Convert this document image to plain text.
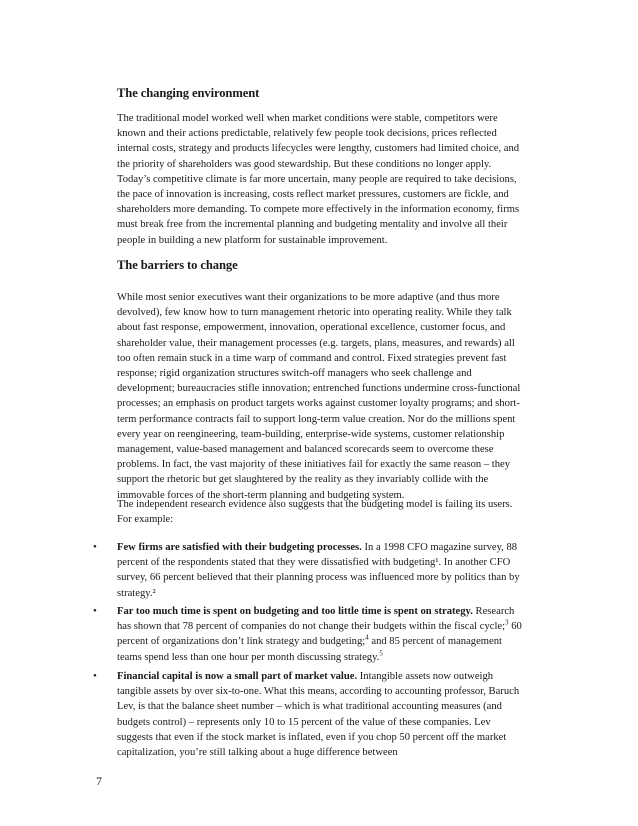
The changing environment

The traditional model worked well when market conditions were stable, competitors were known and their actions predictable, relatively few people took decisions, prices reflected internal costs, strategy and products lifecycles were lengthy, customers had limited choice, and the priority of shareholders was good stewardship. But these conditions no longer apply. Today’s competitive climate is far more uncertain, many people are required to take decisions, the pace of innovation is increasing, costs reflect market pressures, customers are fickle, and shareholders more demanding. To compete more effectively in the information economy, firms must break free from the incremental planning and budgeting mentality and involve all their people in building a new platform for sustainable improvement.

The barriers to change

While most senior executives want their organizations to be more adaptive (and thus more devolved), few know how to turn management rhetoric into operating reality. While they talk about fast response, empowerment, innovation, operational excellence, customer focus, and shareholder value, their management processes (e.g. targets, plans, measures, and rewards) all too often remain stuck in a time warp of command and control. Fixed strategies prevent fast response; rigid organization structures switch-off managers who seek challenge and development; bureaucracies stifle innovation; entrenched functions undermine cross-functional processes; an emphasis on product targets works against customer loyalty programs; and short-term performance contracts fail to support long-term value creation. Nor do the millions spent every year on reengineering, team-building, enterprise-wide systems, customer relationship management, value-based management and balanced scorecards seem to overcome these problems. In fact, the vast majority of these initiatives fail for exactly the same reason – they support the rhetoric but get slaughtered by the reality as they invariably collide with the immovable forces of the short-term planning and budgeting system.

The independent research evidence also suggests that the budgeting model is failing its users. For example:

• Few firms are satisfied with their budgeting processes. In a 1998 CFO magazine survey, 88 percent of the respondents stated that they were dissatisfied with budgeting¹. In another CFO survey, 66 percent believed that their planning process was influenced more by politics than by strategy.²

• Far too much time is spent on budgeting and too little time is spent on strategy. Research has shown that 78 percent of companies do not change their budgets within the fiscal cycle;$^3$ 60 percent of organizations don’t link strategy and budgeting;$^4$ and 85 percent of management teams spend less than one hour per month discussing strategy.$^5$

• Financial capital is now a small part of market value. Intangible assets now outweigh tangible assets by over six-to-one. What this means, according to accounting professor, Baruch Lev, is that the balance sheet number – which is what traditional accounting measures (and budgets control) – represents only 10 to 15 percent of the value of these companies. Lev suggests that even if the stock market is inflated, even if you chop 50 percent off the market capitalization, you’re still talking about a huge difference between

7
